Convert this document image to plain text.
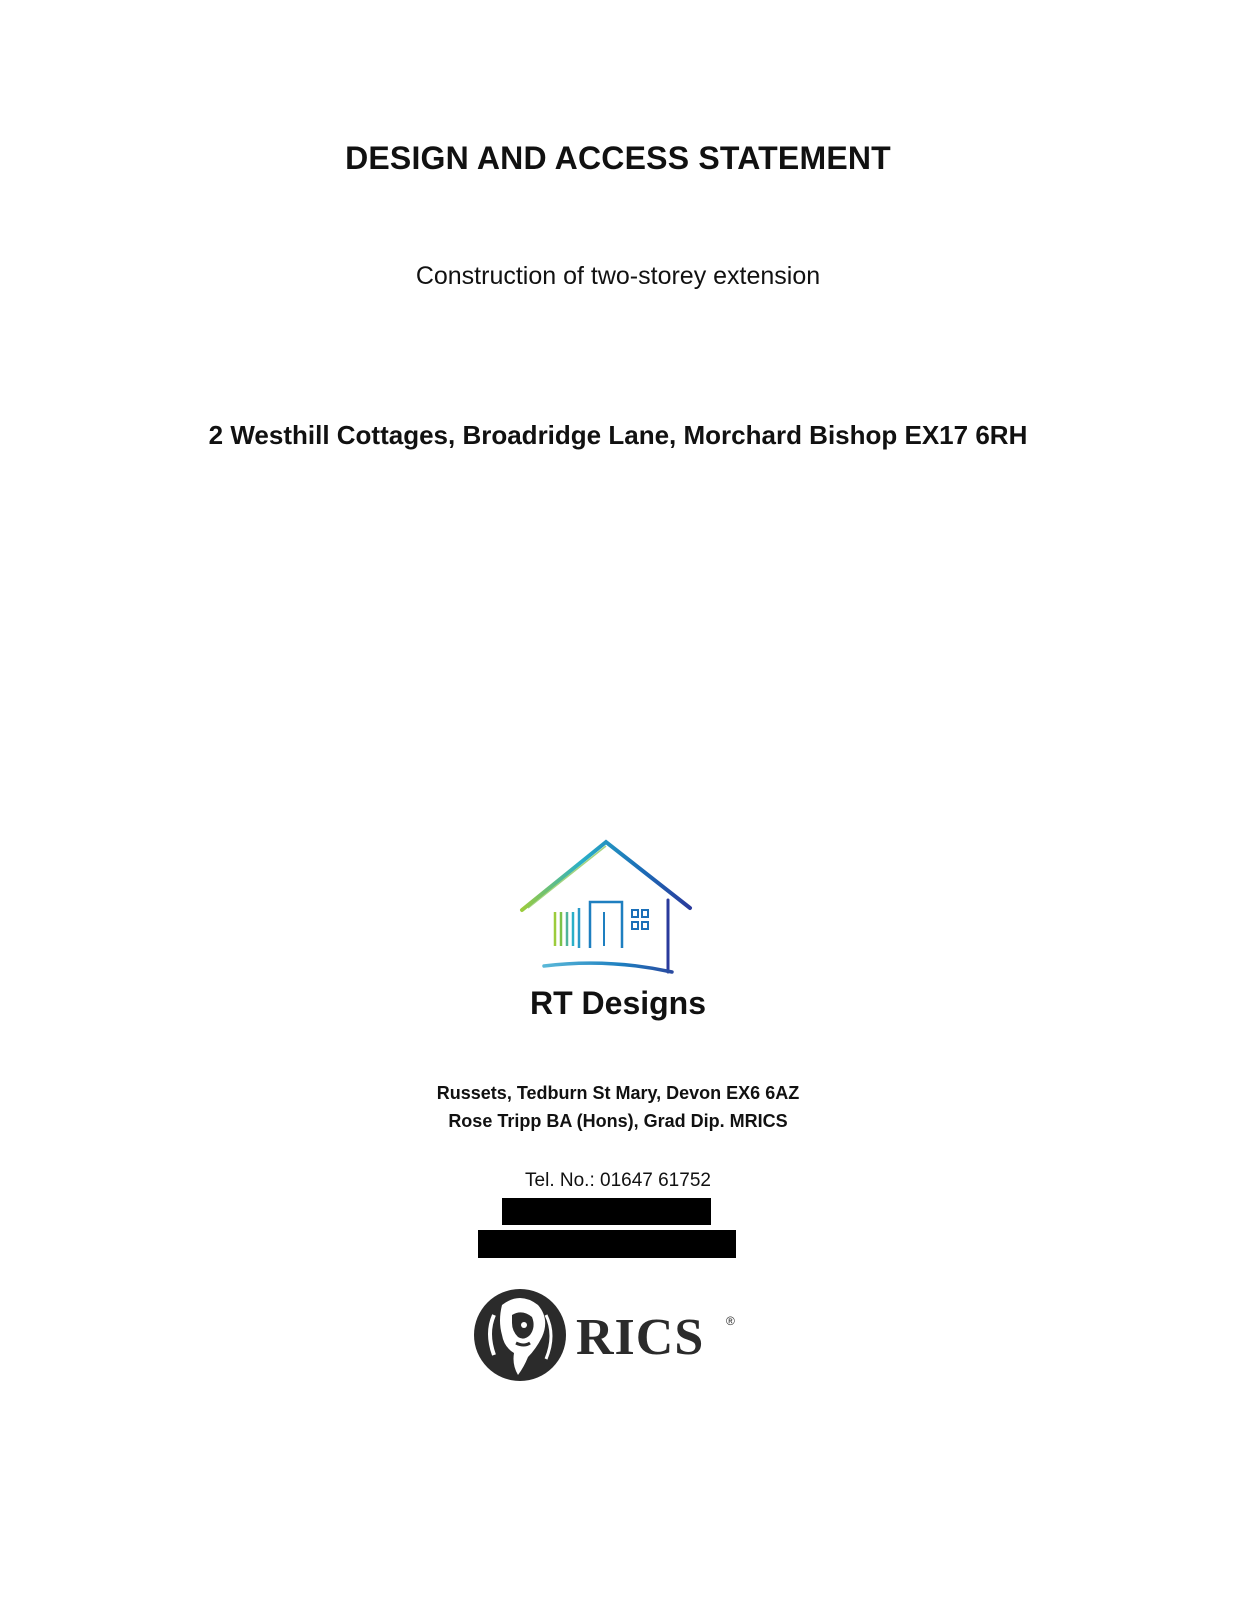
DESIGN AND ACCESS STATEMENT
Construction of two-storey extension
2 Westhill Cottages, Broadridge Lane, Morchard Bishop EX17 6RH
RT Designs
Russets, Tedburn St Mary, Devon EX6 6AZ
Rose Tripp BA (Hons), Grad Dip. MRICS
Tel. No.: 01647 61752
RICS ®
